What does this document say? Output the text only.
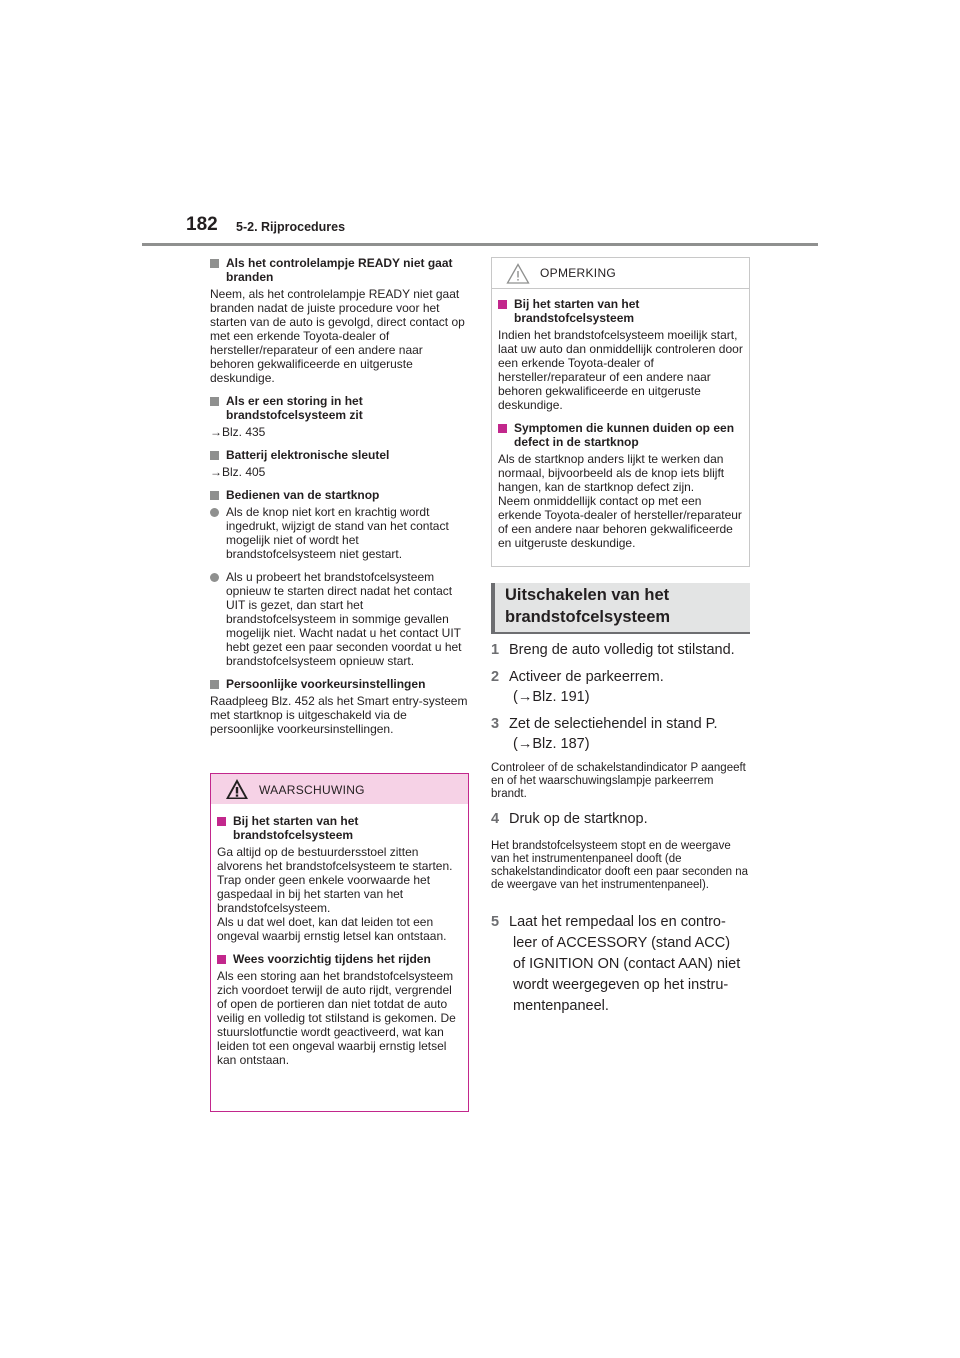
182 5-2. Rijprocedures
Als het controlelampje READY niet gaat branden
Neem, als het controlelampje READY niet gaat branden nadat de juiste procedure voor het starten van de auto is gevolgd, direct contact op met een erkende Toyota-dealer of hersteller/reparateur of een andere naar behoren gekwalificeerde en uitgeruste deskundige.
Als er een storing in het brandstofcelsysteem zit
→Blz. 435
Batterij elektronische sleutel
→Blz. 405
Bedienen van de startknop
Als de knop niet kort en krachtig wordt ingedrukt, wijzigt de stand van het contact mogelijk niet of wordt het brandstofcelsysteem niet gestart.
Als u probeert het brandstofcelsysteem opnieuw te starten direct nadat het contact UIT is gezet, dan start het brandstofcelsysteem in sommige gevallen mogelijk niet. Wacht nadat u het contact UIT hebt gezet een paar seconden voordat u het brandstofcelsysteem opnieuw start.
Persoonlijke voorkeursinstellingen
Raadpleeg Blz. 452 als het Smart entry-systeem met startknop is uitgeschakeld via de persoonlijke voorkeursinstellingen.
WAARSCHUWING
Bij het starten van het brandstofcelsysteem
Ga altijd op de bestuurdersstoel zitten alvorens het brandstofcelsysteem te starten. Trap onder geen enkele voorwaarde het gaspedaal in bij het starten van het brandstofcelsysteem.
Als u dat wel doet, kan dat leiden tot een ongeval waarbij ernstig letsel kan ontstaan.
Wees voorzichtig tijdens het rijden
Als een storing aan het brandstofcelsysteem zich voordoet terwijl de auto rijdt, vergrendel of open de portieren dan niet totdat de auto veilig en volledig tot stilstand is gekomen. De stuurslotfunctie wordt geactiveerd, wat kan leiden tot een ongeval waarbij ernstig letsel kan ontstaan.
OPMERKING
Bij het starten van het brandstofcelsysteem
Indien het brandstofcelsysteem moeilijk start, laat uw auto dan onmiddellijk controleren door een erkende Toyota-dealer of hersteller/reparateur of een andere naar behoren gekwalificeerde en uitgeruste deskundige.
Symptomen die kunnen duiden op een defect in de startknop
Als de startknop anders lijkt te werken dan normaal, bijvoorbeeld als de knop iets blijft hangen, kan de startknop defect zijn.
Neem onmiddellijk contact op met een erkende Toyota-dealer of hersteller/reparateur of een andere naar behoren gekwalificeerde en uitgeruste deskundige.
Uitschakelen van het
brandstofcelsysteem
1 Breng de auto volledig tot stilstand.
2 Activeer de parkeerrem.
(→Blz. 191)
3 Zet de selectiehendel in stand P.
(→Blz. 187)
Controleer of de schakelstandindicator P aangeeft en of het waarschuwingslampje parkeerrem brandt.
4 Druk op de startknop.
Het brandstofcelsysteem stopt en de weergave van het instrumentenpaneel dooft (de schakelstandindicator dooft een paar seconden na de weergave van het instrumentenpaneel).
5 Laat het rempedaal los en contro-
leer of ACCESSORY (stand ACC)
of IGNITION ON (contact AAN) niet
wordt weergegeven op het instru-
mentenpaneel.
